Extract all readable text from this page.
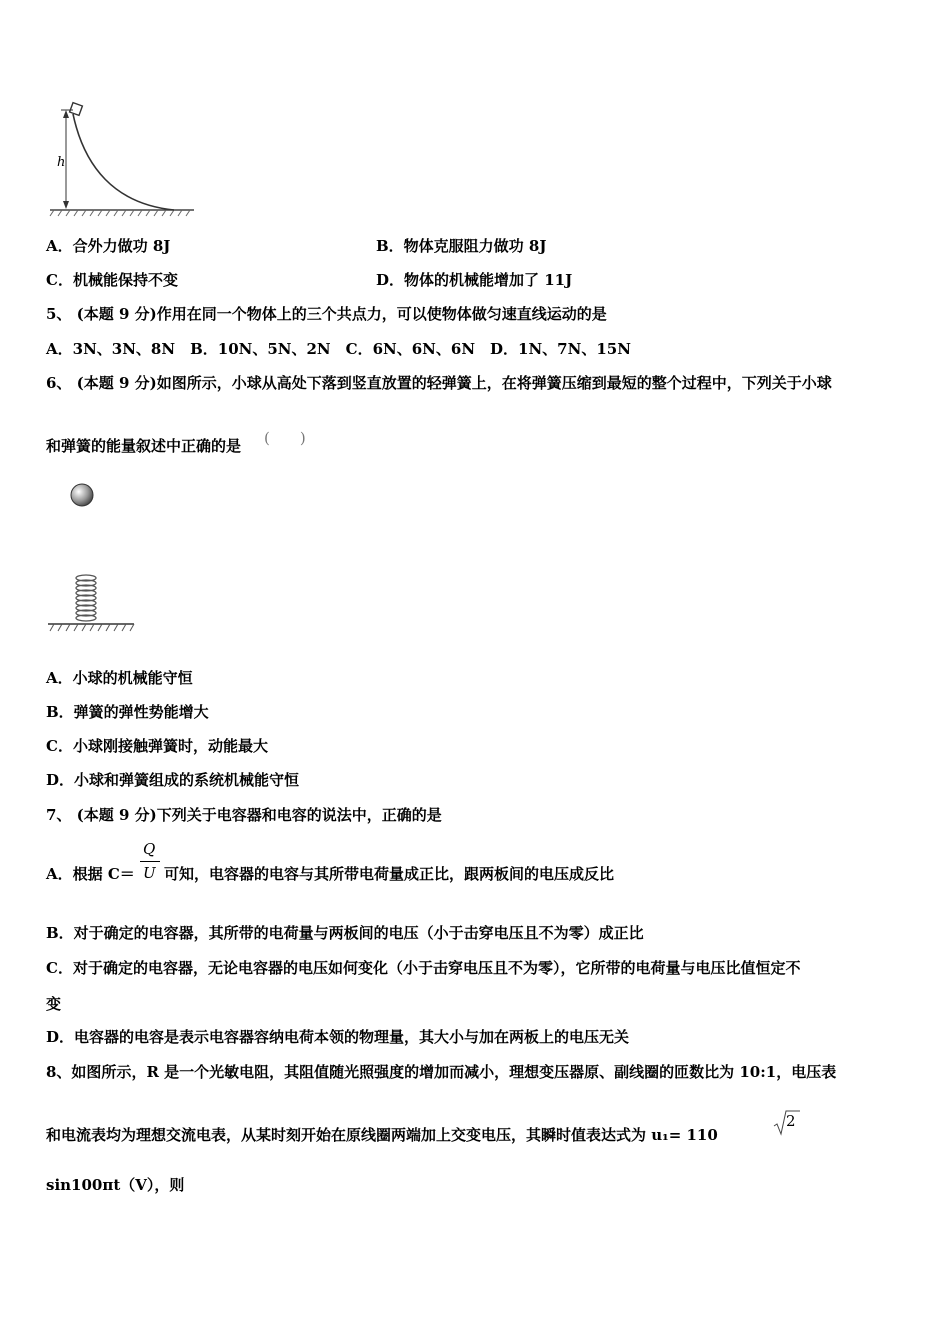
h
A．合外力做功 8J	B．物体克服阻力做功 8J
C．机械能保持不变	D．物体的机械能增加了 11J
5、 (本题 9 分)作用在同一个物体上的三个共点力，可以使物体做匀速直线运动的是
A．3N、3N、8N　B．10N、5N、2N　C．6N、6N、6N　D．1N、7N、15N
6、 (本题 9 分)如图所示，小球从高处下落到竖直放置的轻弹簧上，在将弹簧压缩到最短的整个过程中，下列关于小球
和弹簧的能量叙述中正确的是 (　　)
A．小球的机械能守恒
B．弹簧的弹性势能增大
C．小球刚接触弹簧时，动能最大
D．小球和弹簧组成的系统机械能守恒
7、 (本题 9 分)下列关于电容器和电容的说法中，正确的是
A．根据 C＝
Q
U 可知，电容器的电容与其所带电荷量成正比，跟两板间的电压成反比
B．对于确定的电容器，其所带的电荷量与两板间的电压（小于击穿电压且不为零）成正比
C．对于确定的电容器，无论电容器的电压如何变化（小于击穿电压且不为零），它所带的电荷量与电压比值恒定不
变
D．电容器的电容是表示电容器容纳电荷本领的物理量，其大小与加在两板上的电压无关
8、如图所示，R 是一个光敏电阻，其阻值随光照强度的增加而减小，理想变压器原、副线圈的匝数比为 10:1，电压表
和电流表均为理想交流电表，从某时刻开始在原线圈两端加上交变电压，其瞬时值表达式为 u₁= 110
2
sin100πt（V），则
